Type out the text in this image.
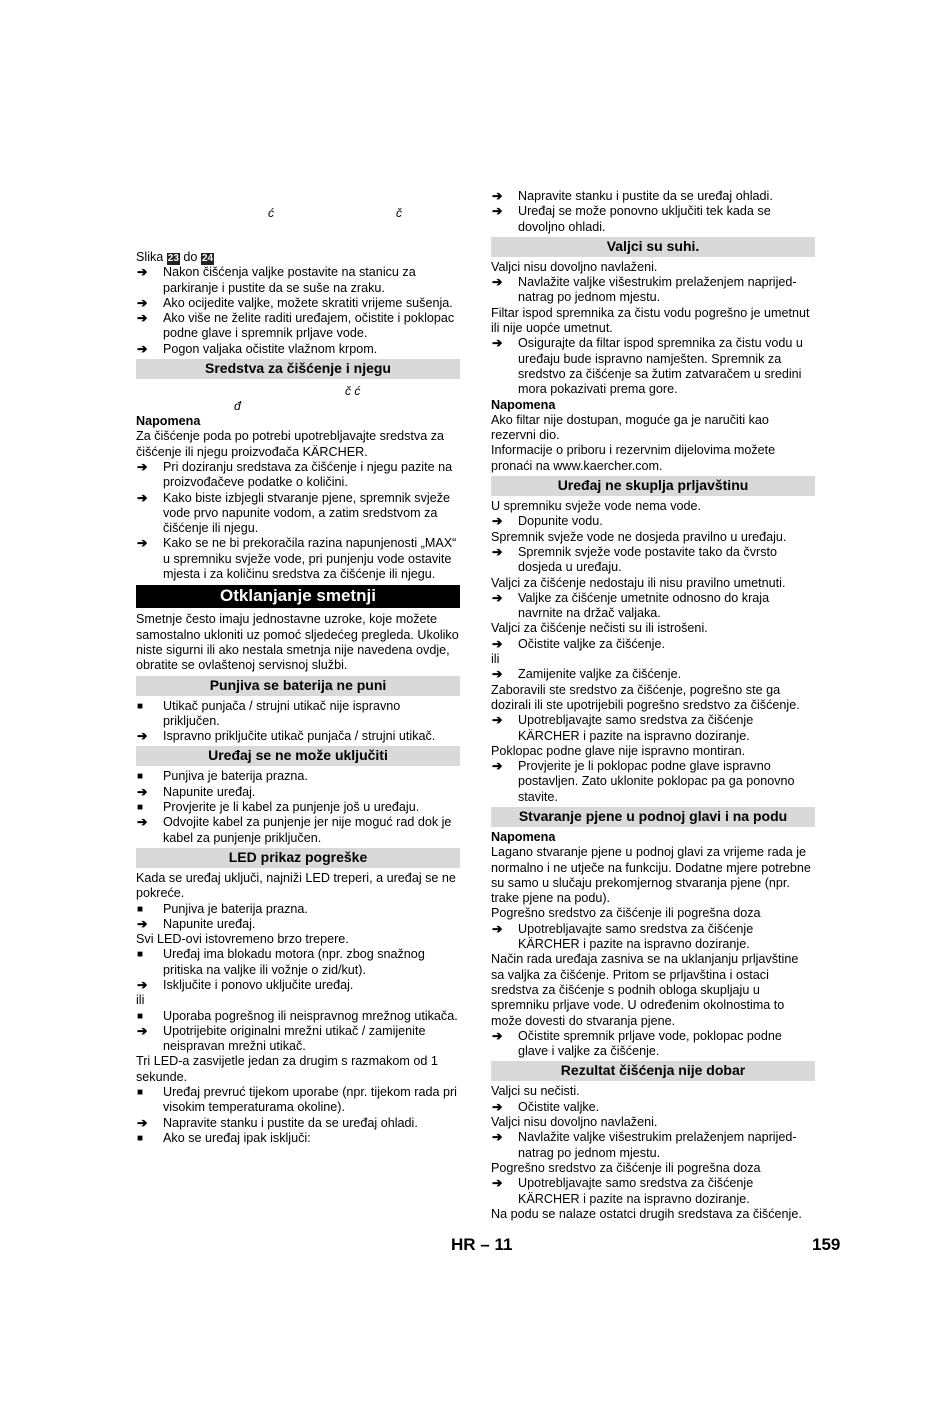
ć	č
Slika 23 do 24
➔ Nakon čišćenja valjke postavite na stanicu za parkiranje i pustite da se suše na zraku.
➔ Ako ocijedite valjke, možete skratiti vrijeme sušenja.
➔ Ako više ne želite raditi uređajem, očistite i poklopac podne glave i spremnik prljave vode.
➔ Pogon valjaka očistite vlažnom krpom.
Sredstva za čišćenje i njegu
č ć
đ
Napomena
Za čišćenje poda po potrebi upotrebljavajte sredstva za čišćenje ili njegu proizvođača KÄRCHER.
➔ Pri doziranju sredstava za čišćenje i njegu pazite na proizvođačeve podatke o količini.
➔ Kako biste izbjegli stvaranje pjene, spremnik svježe vode prvo napunite vodom, a zatim sredstvom za čišćenje ili njegu.
➔ Kako se ne bi prekoračila razina napunjenosti „MAX“ u spremniku svježe vode, pri punjenju vode ostavite mjesta i za količinu sredstva za čišćenje ili njegu.
Otklanjanje smetnji
Smetnje često imaju jednostavne uzroke, koje možete samostalno ukloniti uz pomoć sljedećeg pregleda. Ukoliko niste sigurni ili ako nestala smetnja nije navedena ovdje, obratite se ovlaštenoj servisnoj službi.
Punjiva se baterija ne puni
■ Utikač punjača / strujni utikač nije ispravno priključen.
➔ Ispravno priključite utikač punjača / strujni utikač.
Uređaj se ne može uključiti
■ Punjiva je baterija prazna.
➔ Napunite uređaj.
■ Provjerite je li kabel za punjenje još u uređaju.
➔ Odvojite kabel za punjenje jer nije moguć rad dok je kabel za punjenje priključen.
LED prikaz pogreške
Kada se uređaj uključi, najniži LED treperi, a uređaj se ne pokreće.
■ Punjiva je baterija prazna.
➔ Napunite uređaj.
Svi LED-ovi istovremeno brzo trepere.
■ Uređaj ima blokadu motora (npr. zbog snažnog pritiska na valjke ili vožnje o zid/kut).
➔ Isključite i ponovo uključite uređaj.
ili
■ Uporaba pogrešnog ili neispravnog mrežnog utikača.
➔ Upotrijebite originalni mrežni utikač / zamijenite neispravan mrežni utikač.
Tri LED-a zasvijetle jedan za drugim s razmakom od 1 sekunde.
■ Uređaj prevruć tijekom uporabe (npr. tijekom rada pri visokim temperaturama okoline).
➔ Napravite stanku i pustite da se uređaj ohladi.
■ Ako se uređaj ipak isključi:
➔ Napravite stanku i pustite da se uređaj ohladi.
➔ Uređaj se može ponovno uključiti tek kada se dovoljno ohladi.
Valjci su suhi.
Valjci nisu dovoljno navlaženi.
➔ Navlažite valjke višestrukim prelaženjem naprijed-natrag po jednom mjestu.
Filtar ispod spremnika za čistu vodu pogrešno je umetnut ili nije uopće umetnut.
➔ Osigurajte da filtar ispod spremnika za čistu vodu u uređaju bude ispravno namješten. Spremnik za sredstvo za čišćenje sa žutim zatvaračem u sredini mora pokazivati prema gore.
Napomena
Ako filtar nije dostupan, moguće ga je naručiti kao rezervni dio.
Informacije o priboru i rezervnim dijelovima možete pronaći na www.kaercher.com.
Uređaj ne skuplja prljavštinu
U spremniku svježe vode nema vode.
➔ Dopunite vodu.
Spremnik svježe vode ne dosjeda pravilno u uređaju.
➔ Spremnik svježe vode postavite tako da čvrsto dosjeda u uređaju.
Valjci za čišćenje nedostaju ili nisu pravilno umetnuti.
➔ Valjke za čišćenje umetnite odnosno do kraja navrnite na držač valjaka.
Valjci za čišćenje nečisti su ili istrošeni.
➔ Očistite valjke za čišćenje.
ili
➔ Zamijenite valjke za čišćenje.
Zaboravili ste sredstvo za čišćenje, pogrešno ste ga dozirali ili ste upotrijebili pogrešno sredstvo za čišćenje.
➔ Upotrebljavajte samo sredstva za čišćenje KÄRCHER i pazite na ispravno doziranje.
Poklopac podne glave nije ispravno montiran.
➔ Provjerite je li poklopac podne glave ispravno postavljen. Zato uklonite poklopac pa ga ponovno stavite.
Stvaranje pjene u podnoj glavi i na podu
Napomena
Lagano stvaranje pjene u podnoj glavi za vrijeme rada je normalno i ne utječe na funkciju. Dodatne mjere potrebne su samo u slučaju prekomjernog stvaranja pjene (npr. trake pjene na podu).
Pogrešno sredstvo za čišćenje ili pogrešna doza
➔ Upotrebljavajte samo sredstva za čišćenje KÄRCHER i pazite na ispravno doziranje.
Način rada uređaja zasniva se na uklanjanju prljavštine sa valjka za čišćenje. Pritom se prljavština i ostaci sredstva za čišćenje s podnih obloga skupljaju u spremniku prljave vode. U određenim okolnostima to može dovesti do stvaranja pjene.
➔ Očistite spremnik prljave vode, poklopac podne glave i valjke za čišćenje.
Rezultat čišćenja nije dobar
Valjci su nečisti.
➔ Očistite valjke.
Valjci nisu dovoljno navlaženi.
➔ Navlažite valjke višestrukim prelaženjem naprijed-natrag po jednom mjestu.
Pogrešno sredstvo za čišćenje ili pogrešna doza
➔ Upotrebljavajte samo sredstva za čišćenje KÄRCHER i pazite na ispravno doziranje.
Na podu se nalaze ostatci drugih sredstava za čišćenje.
HR – 11	159
